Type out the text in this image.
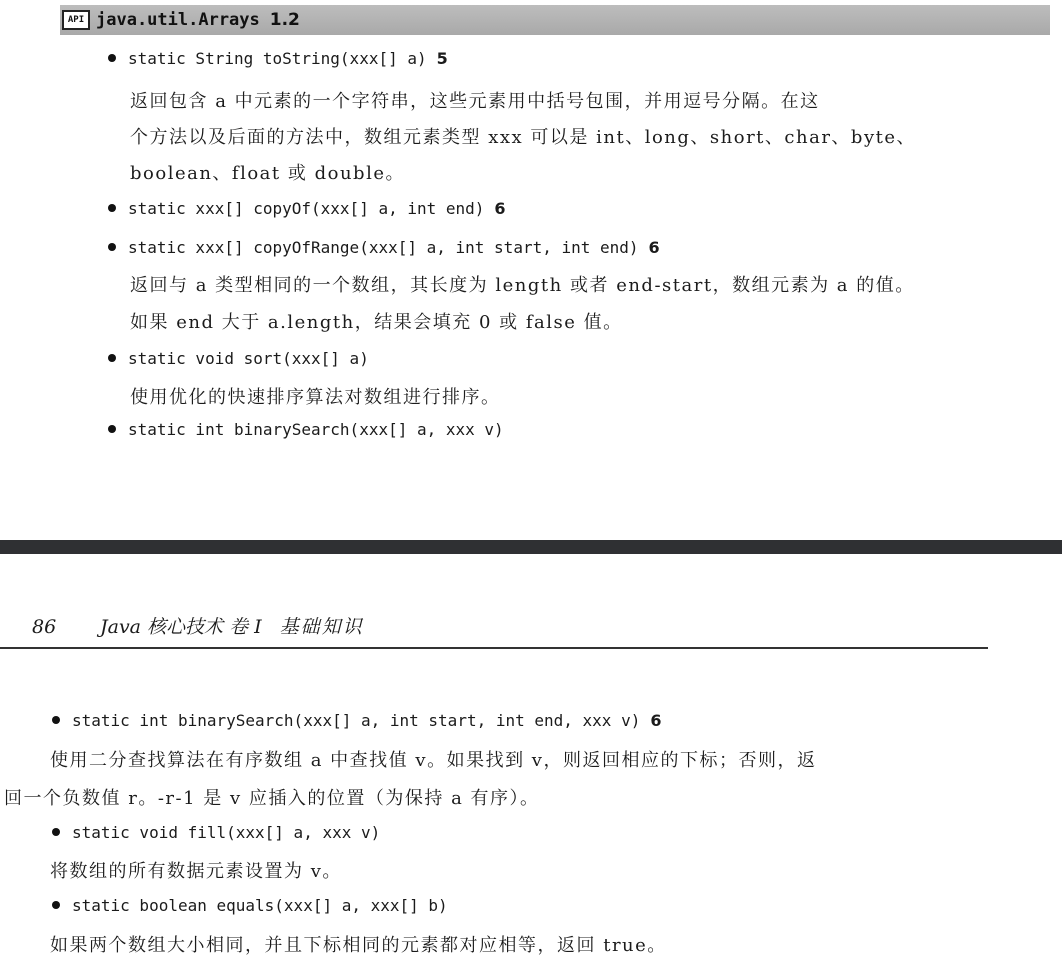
API java.util.Arrays 1.2
static String toString(xxx[] a) 5
返回包含 a 中元素的一个字符串，这些元素用中括号包围，并用逗号分隔。在这
个方法以及后面的方法中，数组元素类型 xxx 可以是 int、long、short、char、byte、
boolean、float 或 double。
static xxx[] copyOf(xxx[] a, int end) 6
static xxx[] copyOfRange(xxx[] a, int start, int end) 6
返回与 a 类型相同的一个数组，其长度为 length 或者 end-start，数组元素为 a 的值。
如果 end 大于 a.length，结果会填充 0 或 false 值。
static void sort(xxx[] a)
使用优化的快速排序算法对数组进行排序。
static int binarySearch(xxx[] a, xxx v)
86 Java 核心技术 卷 I 基础知识
static int binarySearch(xxx[] a, int start, int end, xxx v) 6
使用二分查找算法在有序数组 a 中查找值 v。如果找到 v，则返回相应的下标；否则，返
回一个负数值 r。-r-1 是 v 应插入的位置（为保持 a 有序）。
static void fill(xxx[] a, xxx v)
将数组的所有数据元素设置为 v。
static boolean equals(xxx[] a, xxx[] b)
如果两个数组大小相同，并且下标相同的元素都对应相等，返回 true。
